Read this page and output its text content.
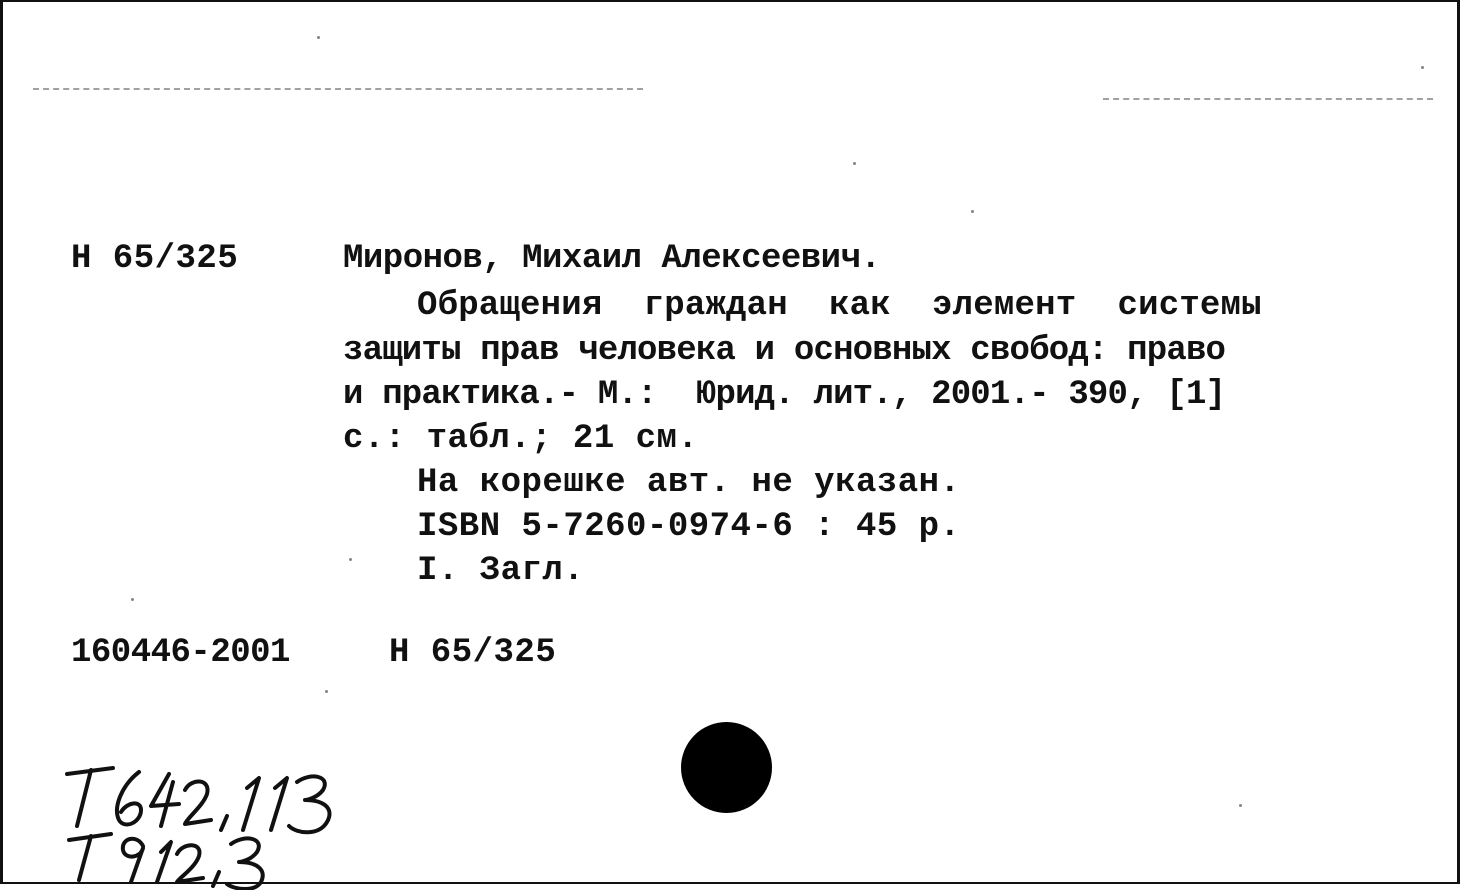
Н 65/325	Миронов, Михаил Алексеевич.
Обращения  граждан  как  элемент  системы
защиты прав человека и основных свобод: право
и практика.- М.:  Юрид. лит., 2001.- 390, [1]
с.: табл.; 21 см.
На корешке авт. не указан.
ISBN 5-7260-0974-6 : 45 р.
I. Загл.
160446-2001	Н 65/325
